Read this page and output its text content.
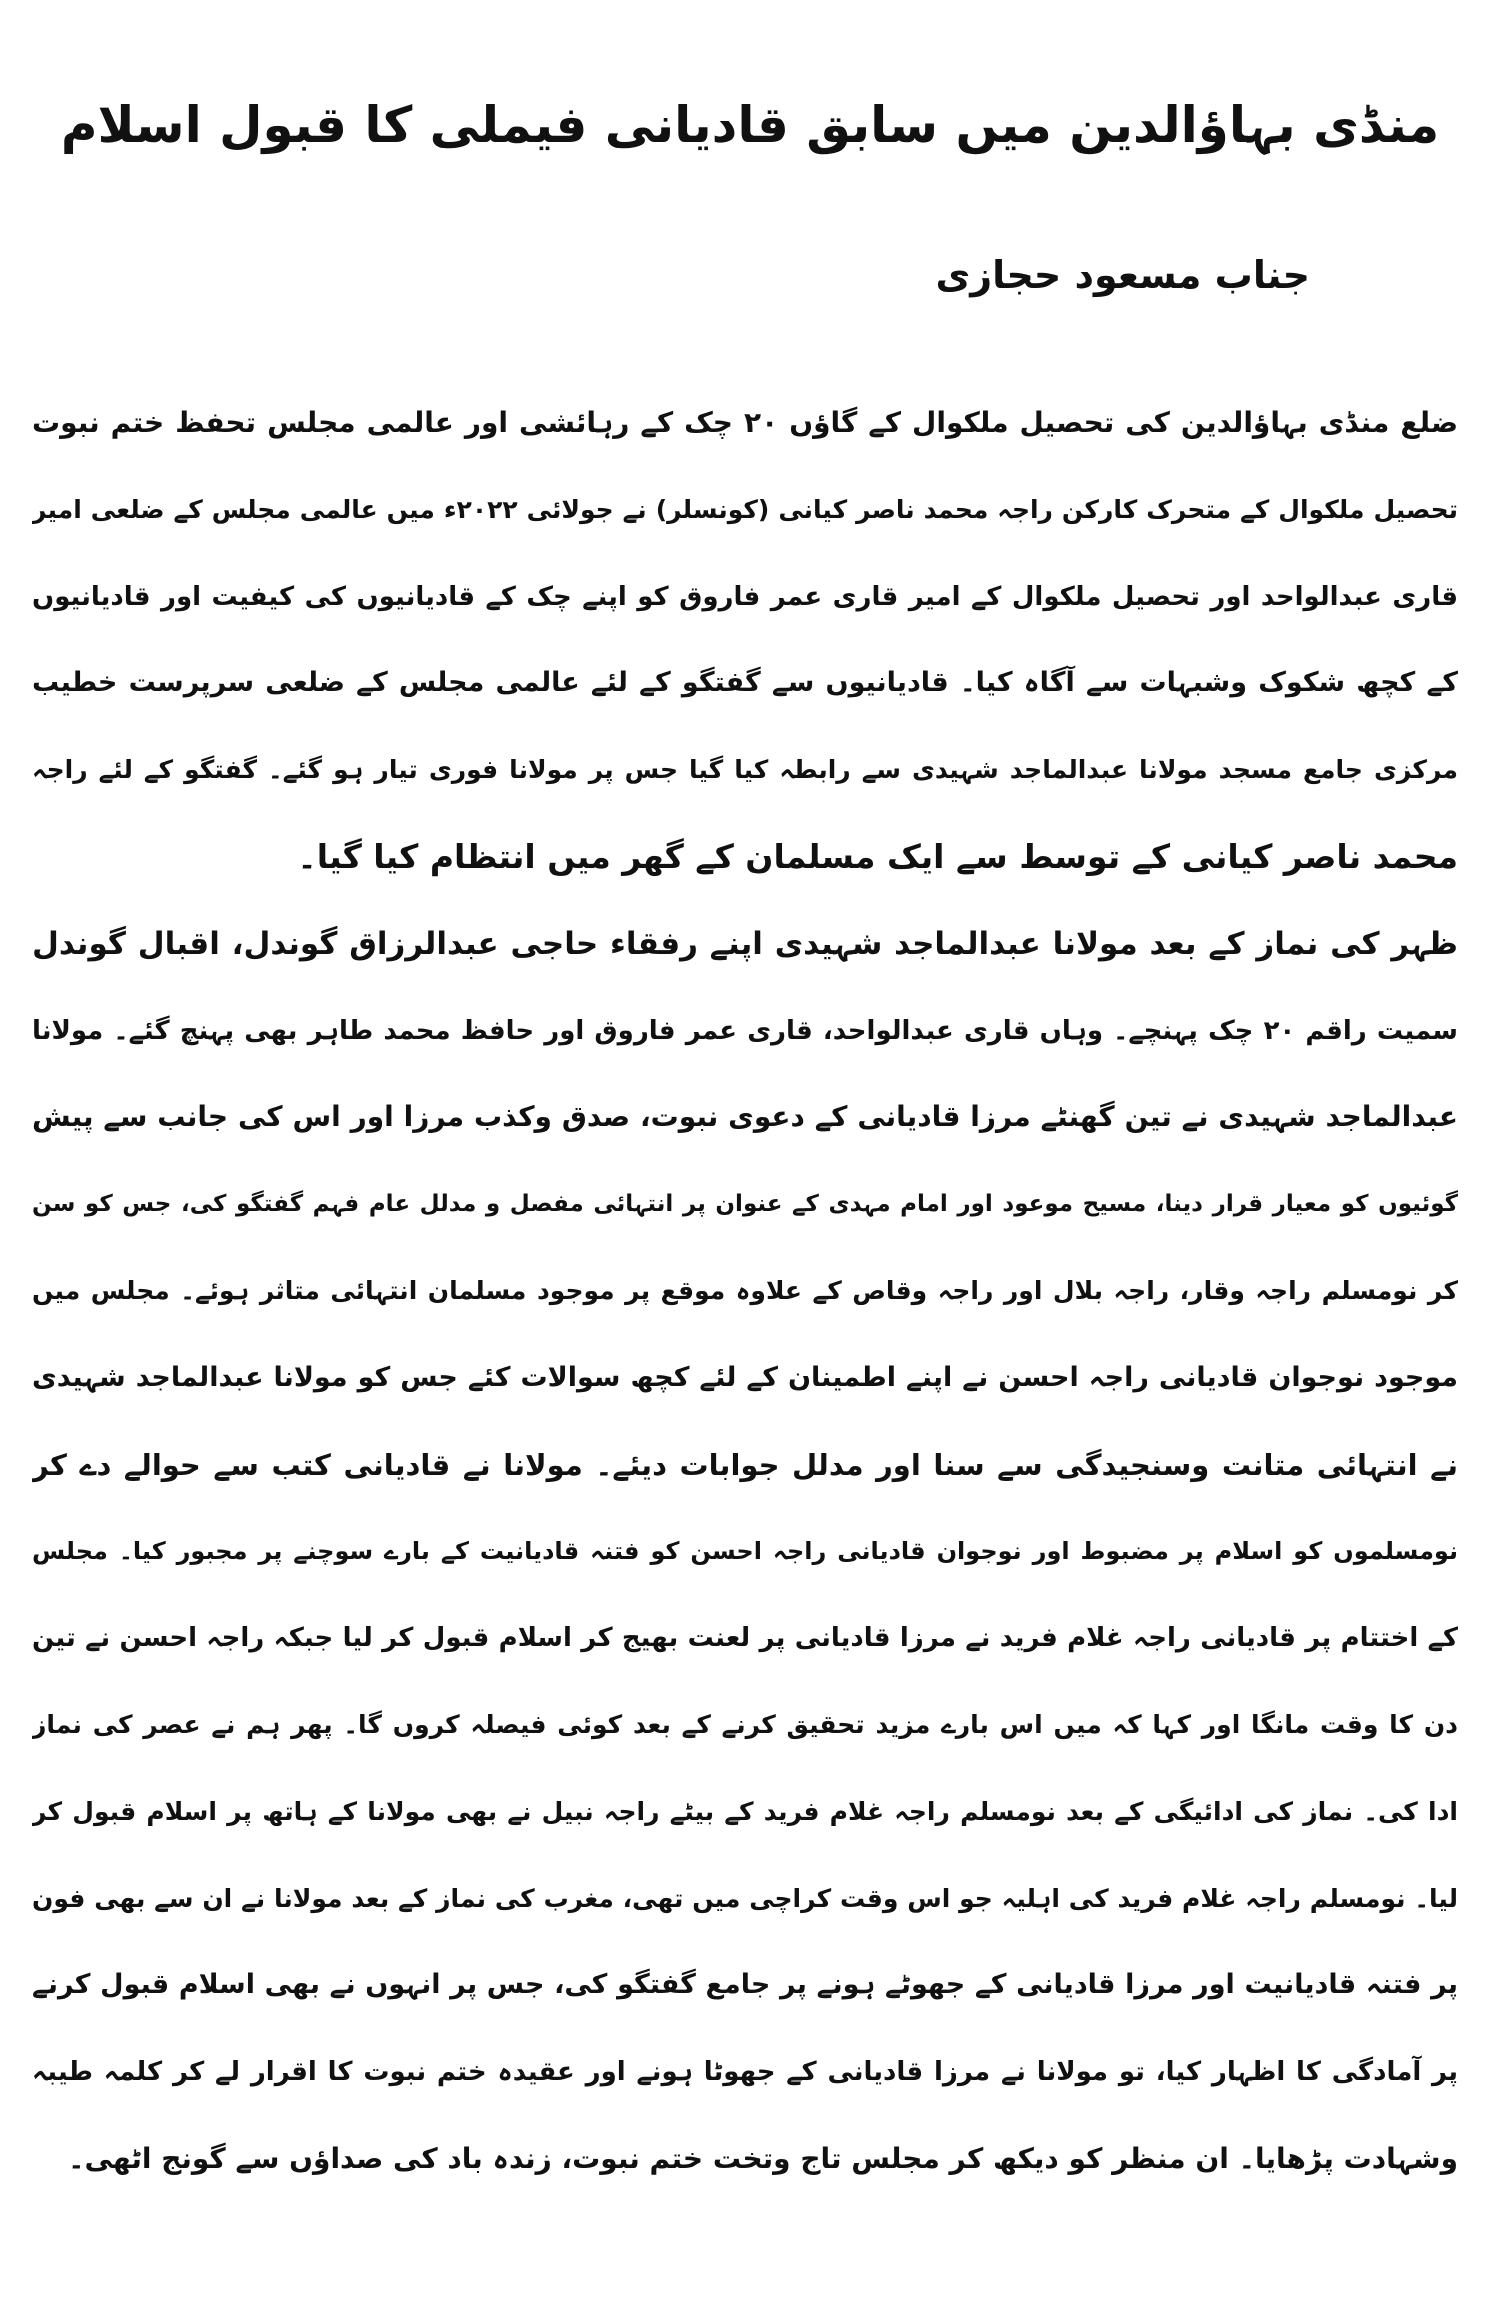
منڈی بہاؤالدین میں سابق قادیانی فیملی کا قبول اسلام
جناب مسعود حجازی
ضلع منڈی بہاؤالدین کی تحصیل ملکوال کے گاؤں ۲۰ چک کے رہائشی اور عالمی مجلس تحفظ ختم نبوت
تحصیل ملکوال کے متحرک کارکن راجہ محمد ناصر کیانی (کونسلر) نے جولائی ۲۰۲۲ء میں عالمی مجلس کے ضلعی امیر
قاری عبدالواحد اور تحصیل ملکوال کے امیر قاری عمر فاروق کو اپنے چک کے قادیانیوں کی کیفیت اور قادیانیوں
کے کچھ شکوک وشبہات سے آگاہ کیا۔ قادیانیوں سے گفتگو کے لئے عالمی مجلس کے ضلعی سرپرست خطیب
مرکزی جامع مسجد مولانا عبدالماجد شہیدی سے رابطہ کیا گیا جس پر مولانا فوری تیار ہو گئے۔ گفتگو کے لئے راجہ
محمد ناصر کیانی کے توسط سے ایک مسلمان کے گھر میں انتظام کیا گیا۔
ظہر کی نماز کے بعد مولانا عبدالماجد شہیدی اپنے رفقاء حاجی عبدالرزاق گوندل، اقبال گوندل
سمیت راقم ۲۰ چک پہنچے۔ وہاں قاری عبدالواحد، قاری عمر فاروق اور حافظ محمد طاہر بھی پہنچ گئے۔ مولانا
عبدالماجد شہیدی نے تین گھنٹے مرزا قادیانی کے دعوی نبوت، صدق وکذب مرزا اور اس کی جانب سے پیش
گوئیوں کو معیار قرار دینا، مسیح موعود اور امام مہدی کے عنوان پر انتہائی مفصل و مدلل عام فہم گفتگو کی، جس کو سن
کر نومسلم راجہ وقار، راجہ بلال اور راجہ وقاص کے علاوہ موقع پر موجود مسلمان انتہائی متاثر ہوئے۔ مجلس میں
موجود نوجوان قادیانی راجہ احسن نے اپنے اطمینان کے لئے کچھ سوالات کئے جس کو مولانا عبدالماجد شہیدی
نے انتہائی متانت وسنجیدگی سے سنا اور مدلل جوابات دیئے۔ مولانا نے قادیانی کتب سے حوالے دے کر
نومسلموں کو اسلام پر مضبوط اور نوجوان قادیانی راجہ احسن کو فتنہ قادیانیت کے بارے سوچنے پر مجبور کیا۔ مجلس
کے اختتام پر قادیانی راجہ غلام فرید نے مرزا قادیانی پر لعنت بھیج کر اسلام قبول کر لیا جبکہ راجہ احسن نے تین
دن کا وقت مانگا اور کہا کہ میں اس بارے مزید تحقیق کرنے کے بعد کوئی فیصلہ کروں گا۔ پھر ہم نے عصر کی نماز
ادا کی۔ نماز کی ادائیگی کے بعد نومسلم راجہ غلام فرید کے بیٹے راجہ نبیل نے بھی مولانا کے ہاتھ پر اسلام قبول کر
لیا۔ نومسلم راجہ غلام فرید کی اہلیہ جو اس وقت کراچی میں تھی، مغرب کی نماز کے بعد مولانا نے ان سے بھی فون
پر فتنہ قادیانیت اور مرزا قادیانی کے جھوٹے ہونے پر جامع گفتگو کی، جس پر انہوں نے بھی اسلام قبول کرنے
پر آمادگی کا اظہار کیا، تو مولانا نے مرزا قادیانی کے جھوٹا ہونے اور عقیدہ ختم نبوت کا اقرار لے کر کلمہ طیبہ
وشہادت پڑھایا۔ ان منظر کو دیکھ کر مجلس تاج وتخت ختم نبوت، زندہ باد کی صداؤں سے گونج اٹھی۔
